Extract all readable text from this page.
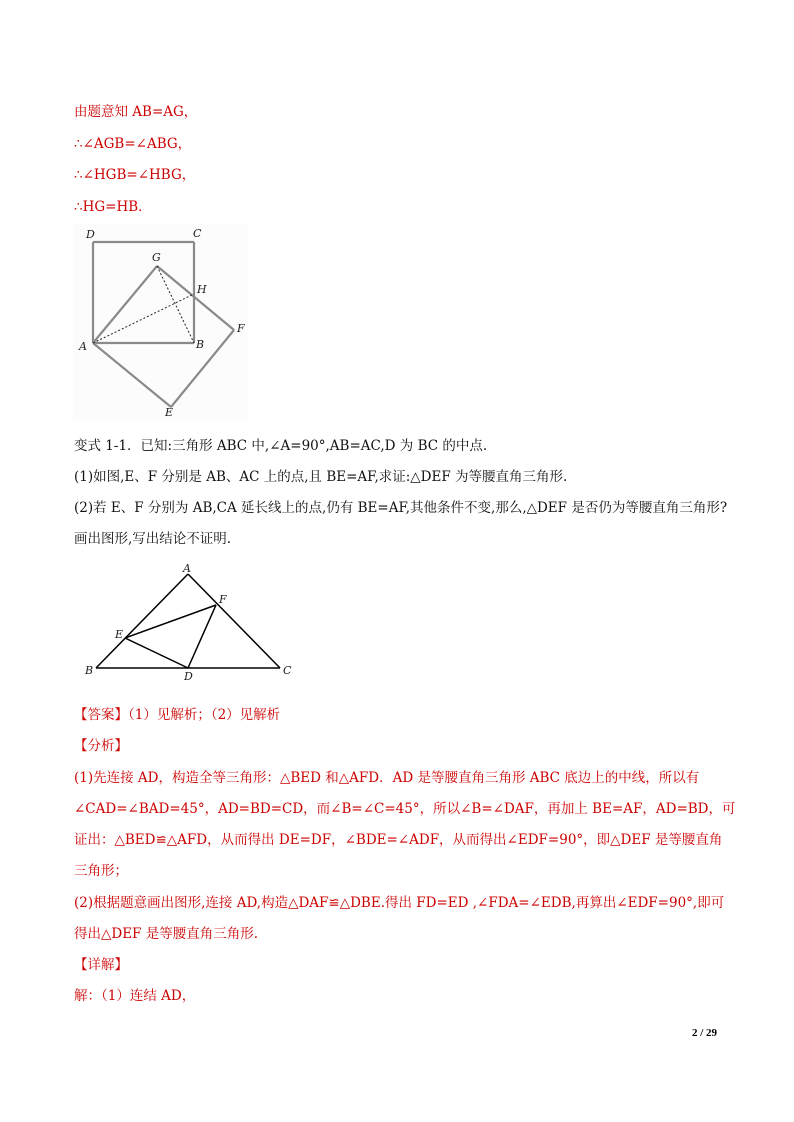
由题意知 AB=AG，
∴∠AGB=∠ABG，
∴∠HGB=∠HBG，
∴HG=HB．
D	C
G
H
F
A	B
E
变式 1-1．已知:三角形 ABC 中,∠A=90°,AB=AC,D 为 BC 的中点.
(1)如图,E、F 分别是 AB、AC 上的点,且 BE=AF,求证:△DEF 为等腰直角三角形.
(2)若 E、F 分别为 AB,CA 延长线上的点,仍有 BE=AF,其他条件不变,那么,△DEF 是否仍为等腰直角三角形?
画出图形,写出结论不证明.
A
F
E
B	D	C
【答案】（1）见解析；（2）见解析
【分析】
(1)先连接 AD，构造全等三角形：△BED 和△AFD．AD 是等腰直角三角形 ABC 底边上的中线，所以有
∠CAD=∠BAD=45°，AD=BD=CD，而∠B=∠C=45°，所以∠B=∠DAF，再加上 BE=AF，AD=BD，可
证出：△BED≌△AFD，从而得出 DE=DF，∠BDE=∠ADF，从而得出∠EDF=90°，即△DEF 是等腰直角
三角形；
(2)根据题意画出图形,连接 AD,构造△DAF≌△DBE.得出 FD=ED ,∠FDA=∠EDB,再算出∠EDF=90°,即可
得出△DEF 是等腰直角三角形.
【详解】
解：（1）连结 AD，
2 / 29
